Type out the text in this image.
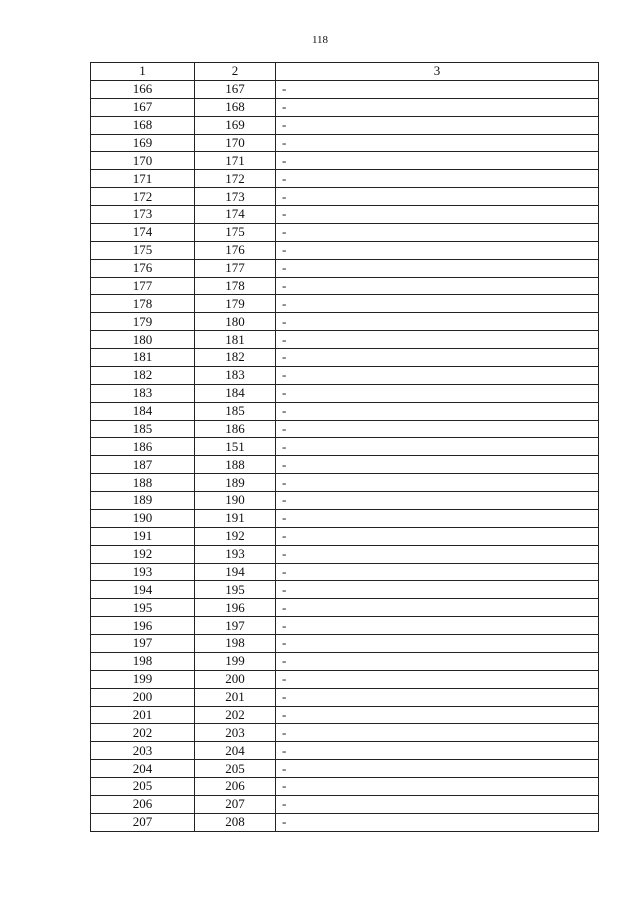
118
1	2	3
166	167	-
167	168	-
168	169	-
169	170	-
170	171	-
171	172	-
172	173	-
173	174	-
174	175	-
175	176	-
176	177	-
177	178	-
178	179	-
179	180	-
180	181	-
181	182	-
182	183	-
183	184	-
184	185	-
185	186	-
186	151	-
187	188	-
188	189	-
189	190	-
190	191	-
191	192	-
192	193	-
193	194	-
194	195	-
195	196	-
196	197	-
197	198	-
198	199	-
199	200	-
200	201	-
201	202	-
202	203	-
203	204	-
204	205	-
205	206	-
206	207	-
207	208	-
